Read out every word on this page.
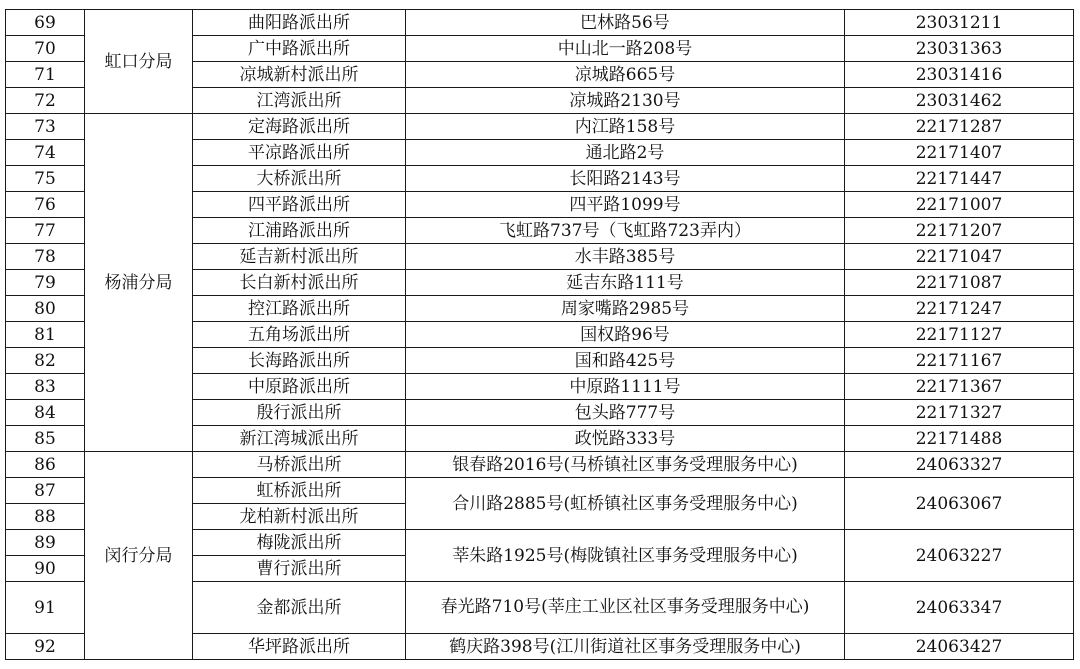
69	虹口分局	曲阳路派出所	巴林路56号	23031211
70		广中路派出所	中山北一路208号	23031363
71		凉城新村派出所	凉城路665号	23031416
72		江湾派出所	凉城路2130号	23031462
73	杨浦分局	定海路派出所	内江路158号	22171287
74		平凉路派出所	通北路2号	22171407
75		大桥派出所	长阳路2143号	22171447
76		四平路派出所	四平路1099号	22171007
77		江浦路派出所	飞虹路737号（飞虹路723弄内）	22171207
78		延吉新村派出所	水丰路385号	22171047
79		长白新村派出所	延吉东路111号	22171087
80		控江路派出所	周家嘴路2985号	22171247
81		五角场派出所	国权路96号	22171127
82		长海路派出所	国和路425号	22171167
83		中原路派出所	中原路1111号	22171367
84		殷行派出所	包头路777号	22171327
85		新江湾城派出所	政悦路333号	22171488
86	闵行分局	马桥派出所	银春路2016号(马桥镇社区事务受理服务中心)	24063327
87		虹桥派出所	合川路2885号(虹桥镇社区事务受理服务中心)	24063067
88		龙柏新村派出所		
89		梅陇派出所	莘朱路1925号(梅陇镇社区事务受理服务中心)	24063227
90		曹行派出所		
91		金都派出所	春光路710号(莘庄工业区社区事务受理服务中心)	24063347
92		华坪路派出所	鹤庆路398号(江川街道社区事务受理服务中心)	24063427
